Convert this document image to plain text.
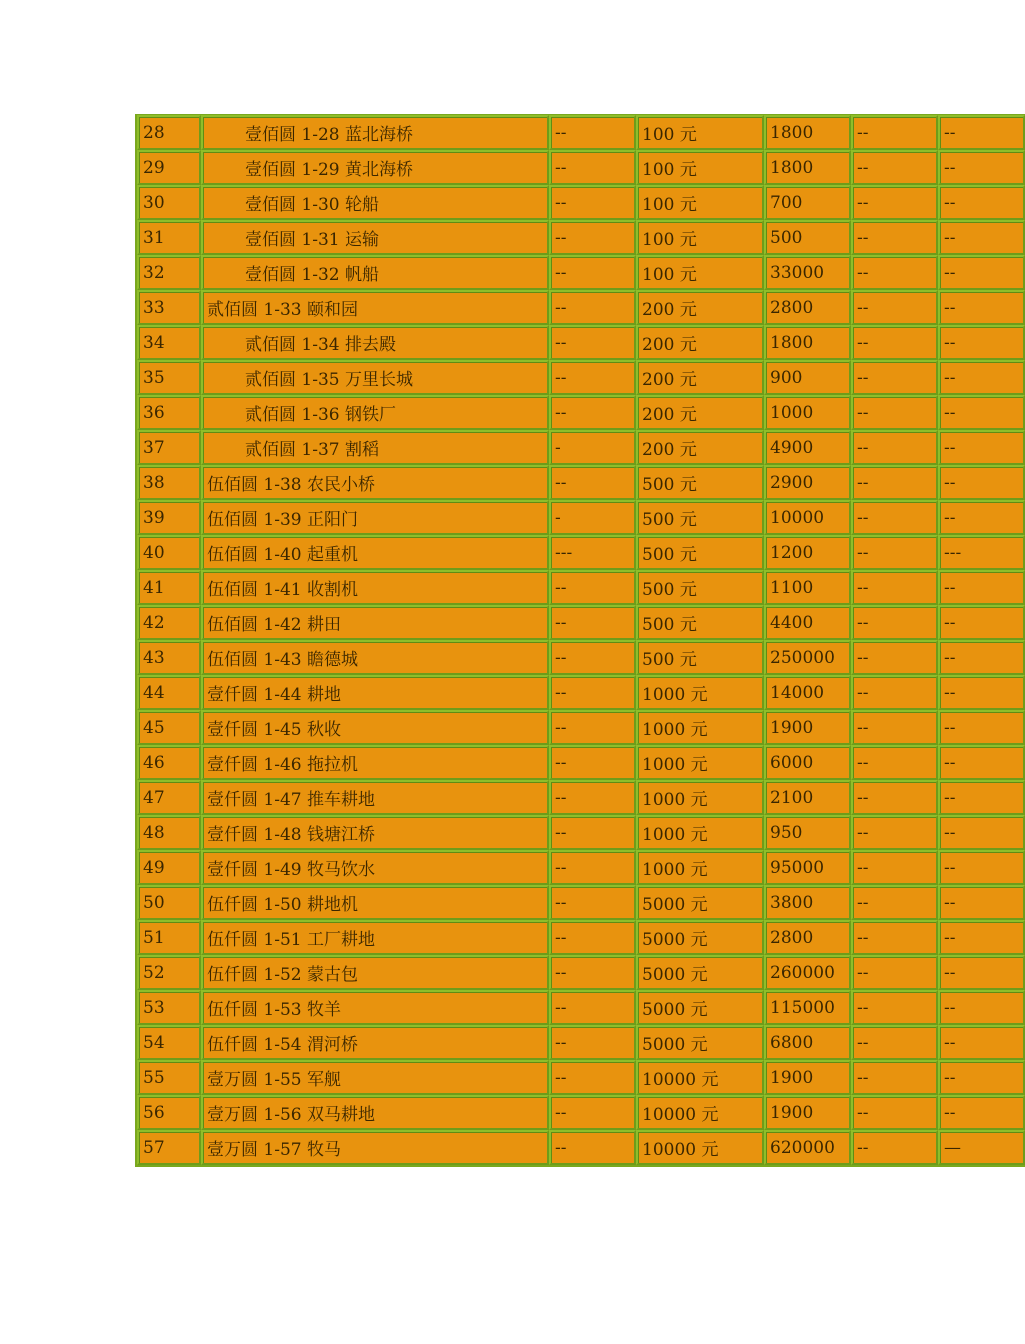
28	壹佰圆 1-28 蓝北海桥	--	100 元	1800	--	--
29	壹佰圆 1-29 黄北海桥	--	100 元	1800	--	--
30	壹佰圆 1-30 轮船	--	100 元	700	--	--
31	壹佰圆 1-31 运输	--	100 元	500	--	--
32	壹佰圆 1-32 帆船	--	100 元	33000	--	--
33	贰佰圆 1-33 颐和园	--	200 元	2800	--	--
34	贰佰圆 1-34 排去殿	--	200 元	1800	--	--
35	贰佰圆 1-35 万里长城	--	200 元	900	--	--
36	贰佰圆 1-36 钢铁厂	--	200 元	1000	--	--
37	贰佰圆 1-37 割稻	-	200 元	4900	--	--
38	伍佰圆 1-38 农民小桥	--	500 元	2900	--	--
39	伍佰圆 1-39 正阳门	-	500 元	10000	--	--
40	伍佰圆 1-40 起重机	---	500 元	1200	--	---
41	伍佰圆 1-41 收割机	--	500 元	1100	--	--
42	伍佰圆 1-42 耕田	--	500 元	4400	--	--
43	伍佰圆 1-43 瞻德城	--	500 元	250000	--	--
44	壹仟圆 1-44 耕地	--	1000 元	14000	--	--
45	壹仟圆 1-45 秋收	--	1000 元	1900	--	--
46	壹仟圆 1-46 拖拉机	--	1000 元	6000	--	--
47	壹仟圆 1-47 推车耕地	--	1000 元	2100	--	--
48	壹仟圆 1-48 钱塘江桥	--	1000 元	950	--	--
49	壹仟圆 1-49 牧马饮水	--	1000 元	95000	--	--
50	伍仟圆 1-50 耕地机	--	5000 元	3800	--	--
51	伍仟圆 1-51 工厂耕地	--	5000 元	2800	--	--
52	伍仟圆 1-52 蒙古包	--	5000 元	260000	--	--
53	伍仟圆 1-53 牧羊	--	5000 元	115000	--	--
54	伍仟圆 1-54 渭河桥	--	5000 元	6800	--	--
55	壹万圆 1-55 军舰	--	10000 元	1900	--	--
56	壹万圆 1-56 双马耕地	--	10000 元	1900	--	--
57	壹万圆 1-57 牧马	--	10000 元	620000	--	—
